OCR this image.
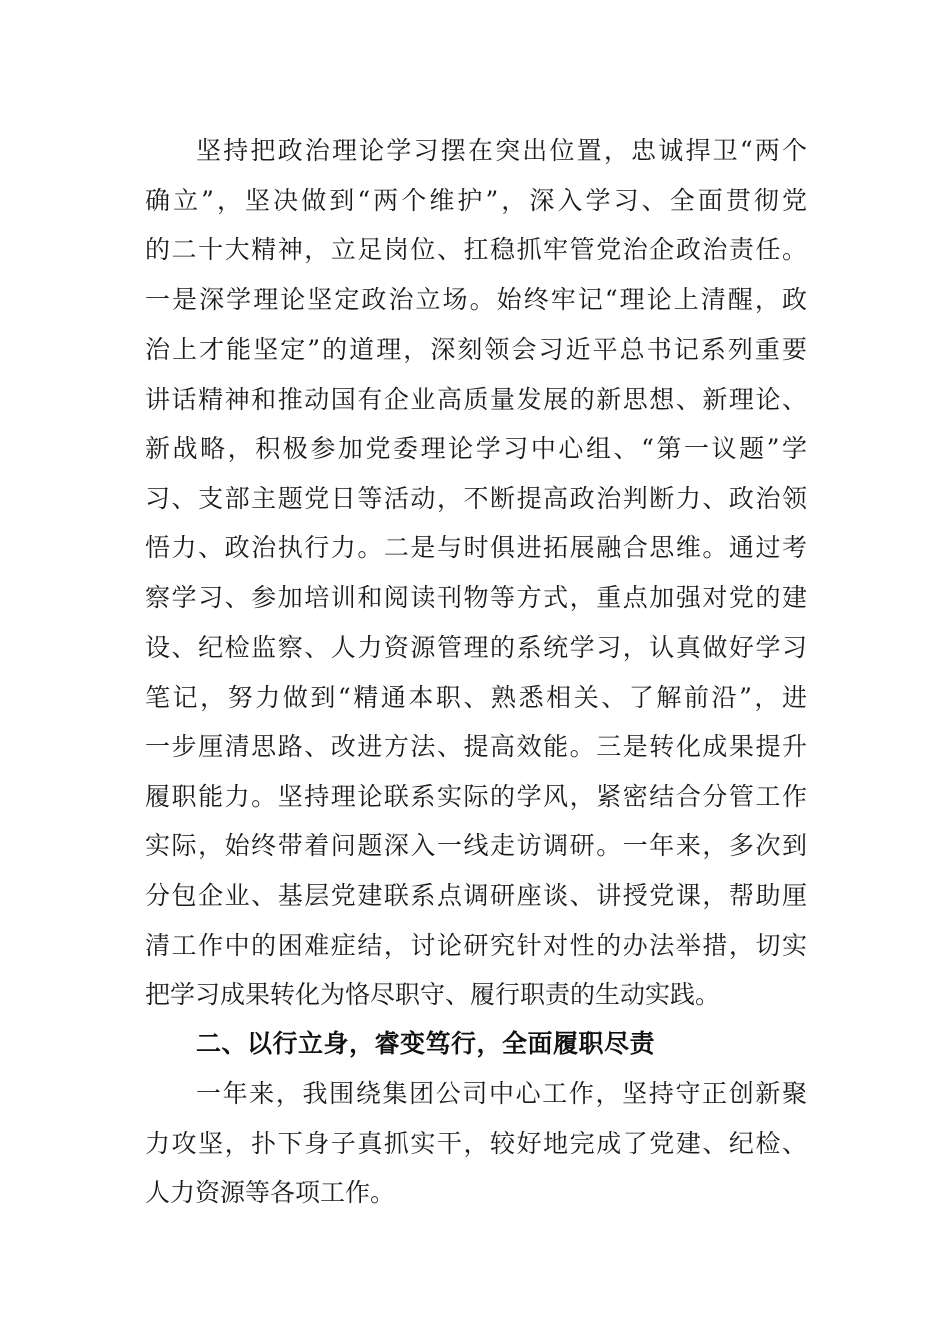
坚持把政治理论学习摆在突出位置，忠诚捍卫“两个
确立”，坚决做到“两个维护”，深入学习、全面贯彻党
的二十大精神，立足岗位、扛稳抓牢管党治企政治责任。
一是深学理论坚定政治立场。始终牢记“理论上清醒，政
治上才能坚定”的道理，深刻领会习近平总书记系列重要
讲话精神和推动国有企业高质量发展的新思想、新理论、
新战略，积极参加党委理论学习中心组、“第一议题”学
习、支部主题党日等活动，不断提高政治判断力、政治领
悟力、政治执行力。二是与时俱进拓展融合思维。通过考
察学习、参加培训和阅读刊物等方式，重点加强对党的建
设、纪检监察、人力资源管理的系统学习，认真做好学习
笔记，努力做到“精通本职、熟悉相关、了解前沿”，进
一步厘清思路、改进方法、提高效能。三是转化成果提升
履职能力。坚持理论联系实际的学风，紧密结合分管工作
实际，始终带着问题深入一线走访调研。一年来，多次到
分包企业、基层党建联系点调研座谈、讲授党课，帮助厘
清工作中的困难症结，讨论研究针对性的办法举措，切实
把学习成果转化为恪尽职守、履行职责的生动实践。
二、以行立身，睿变笃行，全面履职尽责
一年来，我围绕集团公司中心工作，坚持守正创新聚
力攻坚，扑下身子真抓实干，较好地完成了党建、纪检、
人力资源等各项工作。
